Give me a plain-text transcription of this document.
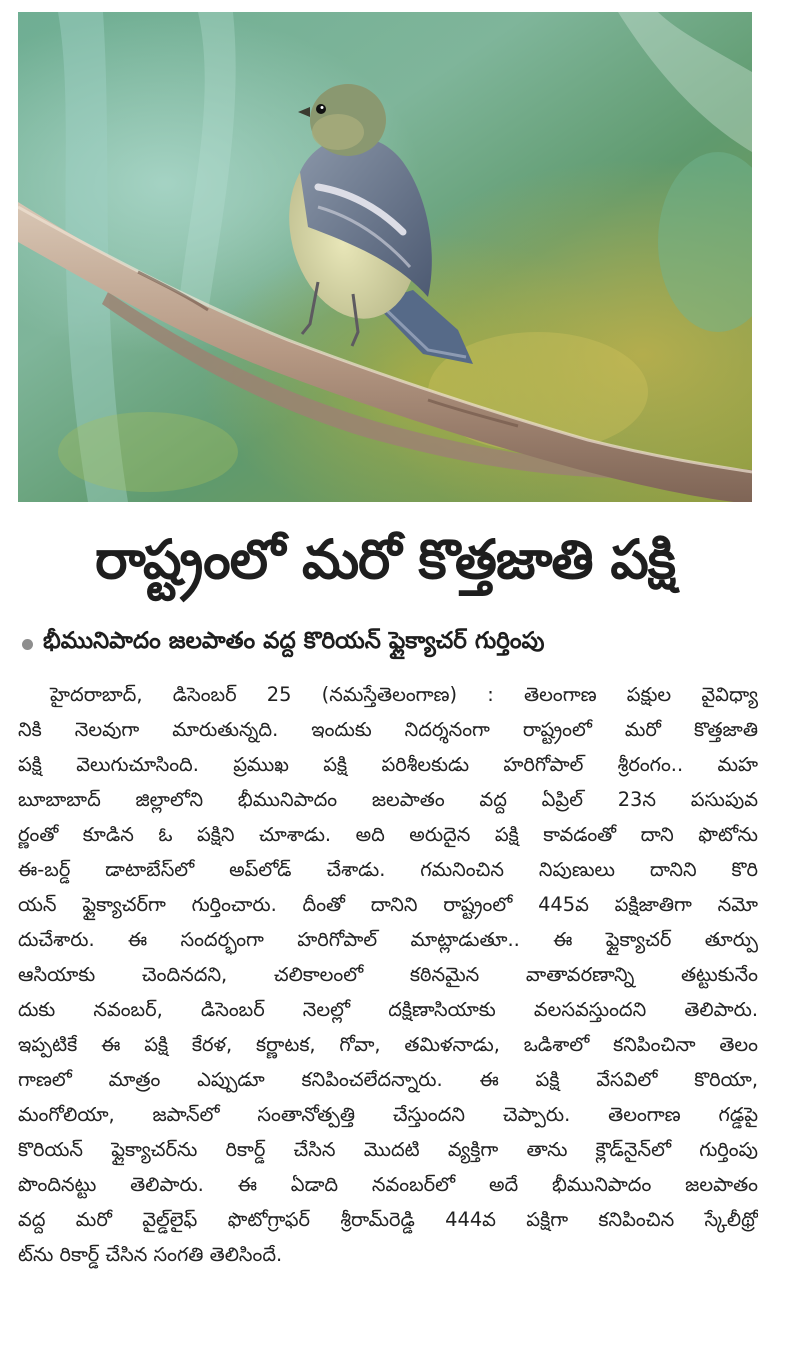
రాష్ట్రంలో మరో కొత్తజాతి పక్షి
భీమునిపాదం జలపాతం వద్ద కొరియన్ ఫ్లైక్యాచర్ గుర్తింపు
హైదరాబాద్, డిసెంబర్ 25 (నమస్తేతెలంగాణ) : తెలంగాణ పక్షుల వైవిధ్యా
నికి నెలవుగా మారుతున్నది. ఇందుకు నిదర్శనంగా రాష్ట్రంలో మరో కొత్తజాతి
పక్షి వెలుగుచూసింది. ప్రముఖ పక్షి పరిశీలకుడు హరిగోపాల్ శ్రీరంగం.. మహ
బూబాబాద్ జిల్లాలోని భీమునిపాదం జలపాతం వద్ద ఏప్రిల్ 23న పసుపువ
ర్ణంతో కూడిన ఓ పక్షిని చూశాడు. అది అరుదైన పక్షి కావడంతో దాని ఫొటోను
ఈ-బర్డ్ డాటాబేస్‌లో అప్‌లోడ్ చేశాడు. గమనించిన నిపుణులు దానిని కొరి
యన్ ఫ్లైక్యాచర్‌గా గుర్తించారు. దీంతో దానిని రాష్ట్రంలో 445వ పక్షిజాతిగా నమో
దుచేశారు. ఈ సందర్భంగా హరిగోపాల్ మాట్లాడుతూ.. ఈ ఫ్లైక్యాచర్ తూర్పు
ఆసియాకు చెందినదని, చలికాలంలో కఠినమైన వాతావరణాన్ని తట్టుకునేం
దుకు నవంబర్, డిసెంబర్ నెలల్లో దక్షిణాసియాకు వలసవస్తుందని తెలిపారు.
ఇప్పటికే ఈ పక్షి కేరళ, కర్ణాటక, గోవా, తమిళనాడు, ఒడిశాలో కనిపించినా తెలం
గాణలో మాత్రం ఎప్పుడూ కనిపించలేదన్నారు. ఈ పక్షి వేసవిలో కొరియా,
మంగోలియా, జపాన్‌లో సంతానోత్పత్తి చేస్తుందని చెప్పారు. తెలంగాణ గడ్డపై
కొరియన్ ఫ్లైక్యాచర్‌ను రికార్డ్ చేసిన మొదటి వ్యక్తిగా తాను క్లౌడ్‌నైన్‌లో గుర్తింపు
పొందినట్టు తెలిపారు. ఈ ఏడాది నవంబర్‌లో అదే భీమునిపాదం జలపాతం
వద్ద మరో వైల్డ్‌లైఫ్ ఫొటోగ్రాఫర్ శ్రీరామ్‌రెడ్డి 444వ పక్షిగా కనిపించిన స్కేలీథ్రో
ట్‌ను రికార్డ్ చేసిన సంగతి తెలిసిందే.
